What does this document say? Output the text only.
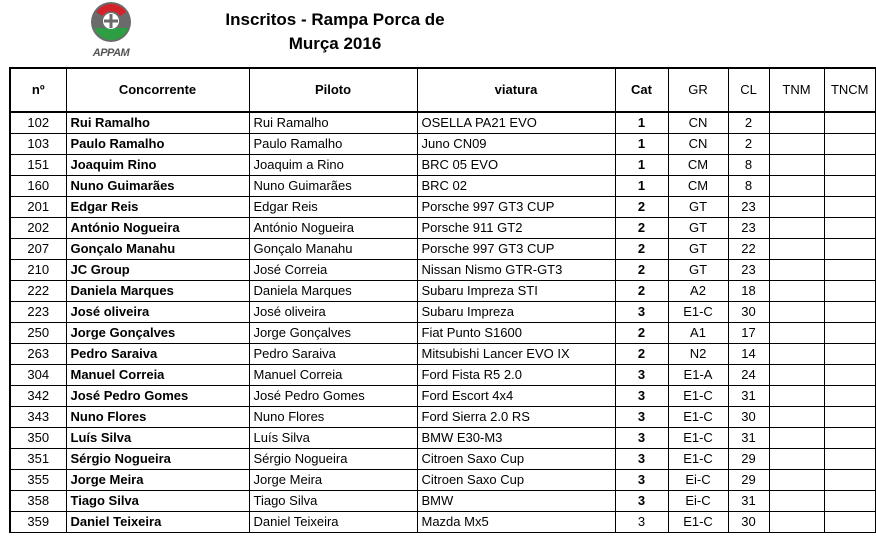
APPAM
Inscritos - Rampa Porca de
Murça 2016
nº	Concorrente	Piloto	viatura	Cat	GR	CL	TNM	TNCM
102	Rui Ramalho	Rui Ramalho	OSELLA PA21 EVO	1	CN	2		
103	Paulo Ramalho	Paulo Ramalho	Juno CN09	1	CN	2		
151	Joaquim Rino	Joaquim a Rino	BRC 05 EVO	1	CM	8		
160	Nuno Guimarães	Nuno Guimarães	BRC 02	1	CM	8		
201	Edgar Reis	Edgar Reis	Porsche 997 GT3 CUP	2	GT	23		
202	António Nogueira	António Nogueira	Porsche 911 GT2	2	GT	23		
207	Gonçalo Manahu	Gonçalo Manahu	Porsche 997 GT3 CUP	2	GT	22		
210	JC Group	José Correia	Nissan Nismo GTR-GT3	2	GT	23		
222	Daniela Marques	Daniela Marques	Subaru Impreza STI	2	A2	18		
223	José oliveira	José oliveira	Subaru Impreza	3	E1-C	30		
250	Jorge Gonçalves	Jorge Gonçalves	Fiat Punto S1600	2	A1	17		
263	Pedro Saraiva	Pedro Saraiva	Mitsubishi Lancer EVO IX	2	N2	14		
304	Manuel Correia	Manuel Correia	Ford Fista R5 2.0	3	E1-A	24		
342	José Pedro Gomes	José Pedro Gomes	Ford Escort 4x4	3	E1-C	31		
343	Nuno Flores	Nuno Flores	Ford Sierra 2.0 RS	3	E1-C	30		
350	Luís Silva	Luís Silva	BMW E30-M3	3	E1-C	31		
351	Sérgio Nogueira	Sérgio Nogueira	Citroen Saxo Cup	3	E1-C	29		
355	Jorge Meira	Jorge Meira	Citroen Saxo Cup	3	Ei-C	29		
358	Tiago Silva	Tiago Silva	BMW	3	Ei-C	31		
359	Daniel Teixeira	Daniel Teixeira	Mazda Mx5	3	E1-C	30		
